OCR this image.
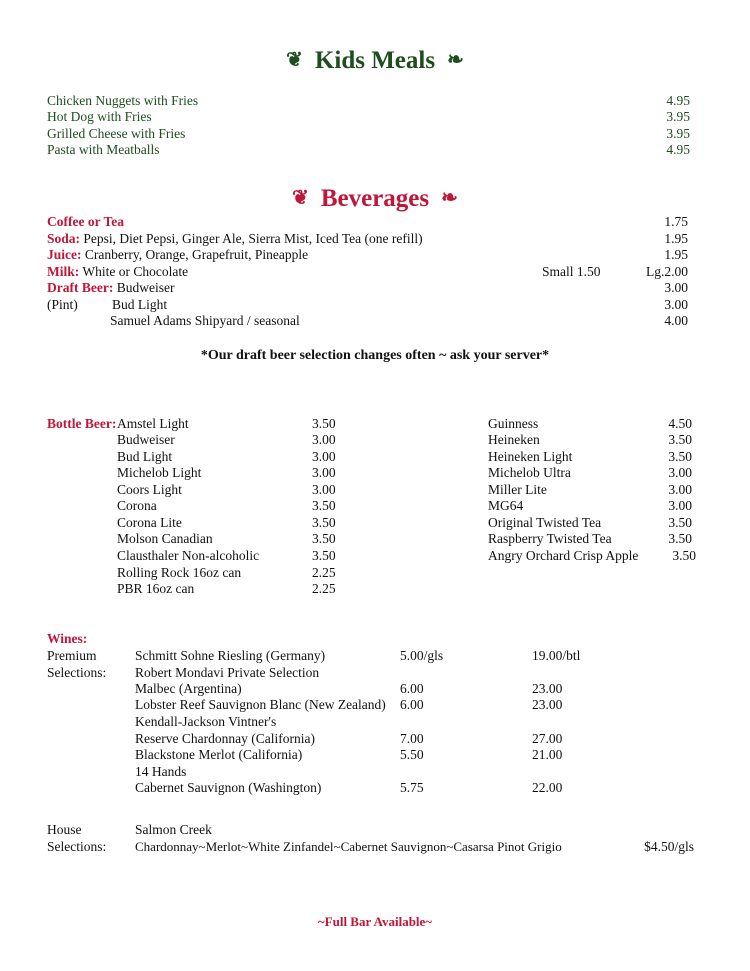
❦ Kids Meals ❧
Chicken Nuggets with Fries	4.95
Hot Dog with Fries	3.95
Grilled Cheese with Fries	3.95
Pasta with Meatballs	4.95
❦ Beverages ❧
Coffee or Tea	1.75
Soda: Pepsi, Diet Pepsi, Ginger Ale, Sierra Mist, Iced Tea (one refill)	1.95
Juice: Cranberry, Orange, Grapefruit, Pineapple	1.95
Milk: White or Chocolate	Small 1.50	Lg.2.00
Draft Beer: Budweiser	3.00
(Pint)	Bud Light	3.00
Samuel Adams Shipyard / seasonal	4.00
*Our draft beer selection changes often ~ ask your server*
Bottle Beer: Amstel Light	3.50
Budweiser	3.00
Bud Light	3.00
Michelob Light	3.00
Coors Light	3.00
Corona	3.50
Corona Lite	3.50
Molson Canadian	3.50
Clausthaler Non-alcoholic	3.50
Rolling Rock 16oz can	2.25
PBR 16oz can	2.25
Guinness	4.50
Heineken	3.50
Heineken Light	3.50
Michelob Ultra	3.00
Miller Lite	3.00
MG64	3.00
Original Twisted Tea	3.50
Raspberry Twisted Tea	3.50
Angry Orchard Crisp Apple	3.50
Wines:
Premium
Selections:
Schmitt Sohne Riesling (Germany)	5.00/gls	19.00/btl
Robert Mondavi Private Selection
Malbec (Argentina)	6.00	23.00
Lobster Reef Sauvignon Blanc (New Zealand) 6.00	23.00
Kendall-Jackson Vintner's
Reserve Chardonnay (California)	7.00	27.00
Blackstone Merlot (California)	5.50	21.00
14 Hands
Cabernet Sauvignon (Washington)	5.75	22.00
House
Selections:
Salmon Creek
Chardonnay~Merlot~White Zinfandel~Cabernet Sauvignon~Casarsa Pinot Grigio	$4.50/gls
~Full Bar Available~
